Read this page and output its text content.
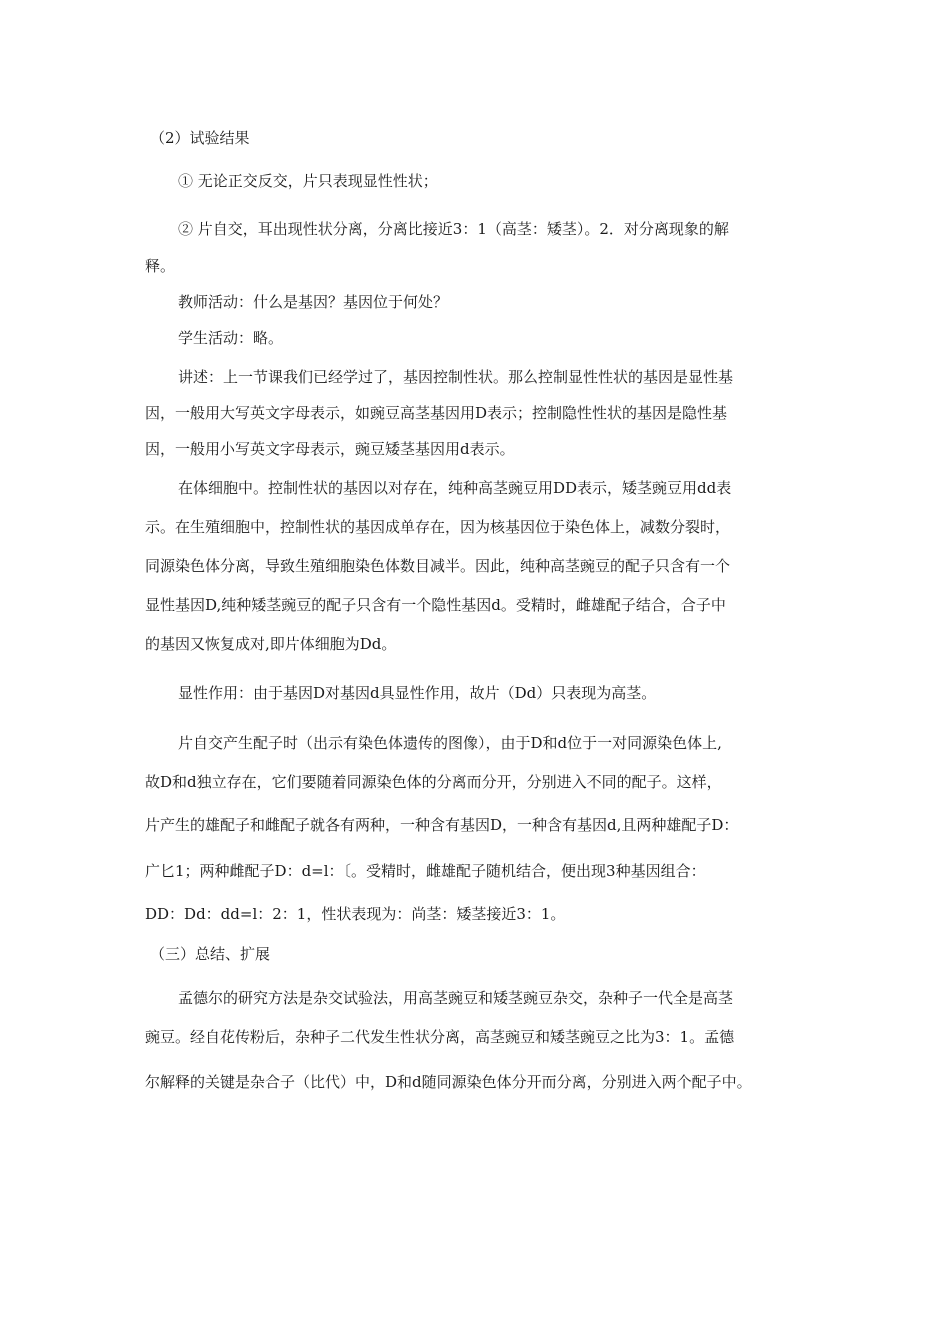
（2）试验结果
① 无论正交反交，片只表现显性性状；
② 片自交，耳出现性状分离，分离比接近3：1（高茎：矮茎）。2．对分离现象的解
释。
教师活动：什么是基因？基因位于何处？
学生活动：略。
讲述：上一节课我们已经学过了，基因控制性状。那么控制显性性状的基因是显性基
因，一般用大写英文字母表示，如豌豆高茎基因用D表示；控制隐性性状的基因是隐性基
因，一般用小写英文字母表示，豌豆矮茎基因用d表示。
在体细胞中。控制性状的基因以对存在，纯种高茎豌豆用DD表示，矮茎豌豆用dd表
示。在生殖细胞中，控制性状的基因成单存在，因为核基因位于染色体上，减数分裂时，
同源染色体分离，导致生殖细胞染色体数目减半。因此，纯种高茎豌豆的配子只含有一个
显性基因D,纯种矮茎豌豆的配子只含有一个隐性基因d。受精时，雌雄配子结合，合子中
的基因又恢复成对,即片体细胞为Dd。
显性作用：由于基因D对基因d具显性作用，故片（Dd）只表现为高茎。
片自交产生配子时（出示有染色体遗传的图像），由于D和d位于一对同源染色体上,
故D和d独立存在，它们要随着同源染色体的分离而分开，分别进入不同的配子。这样，
片产生的雄配子和雌配子就各有两种，一种含有基因D，一种含有基因d,且两种雄配子D：
广匕1；两种雌配子D：d=l：〔。受精时，雌雄配子随机结合，便出现3种基因组合：
DD：Dd：dd=l：2：1，性状表现为：尚茎：矮茎接近3：1。
（三）总结、扩展
孟德尔的研究方法是杂交试验法，用高茎豌豆和矮茎豌豆杂交，杂种子一代全是高茎
豌豆。经自花传粉后，杂种子二代发生性状分离，高茎豌豆和矮茎豌豆之比为3：1。孟德
尔解释的关键是杂合子（比代）中，D和d随同源染色体分开而分离，分别进入两个配子中。
